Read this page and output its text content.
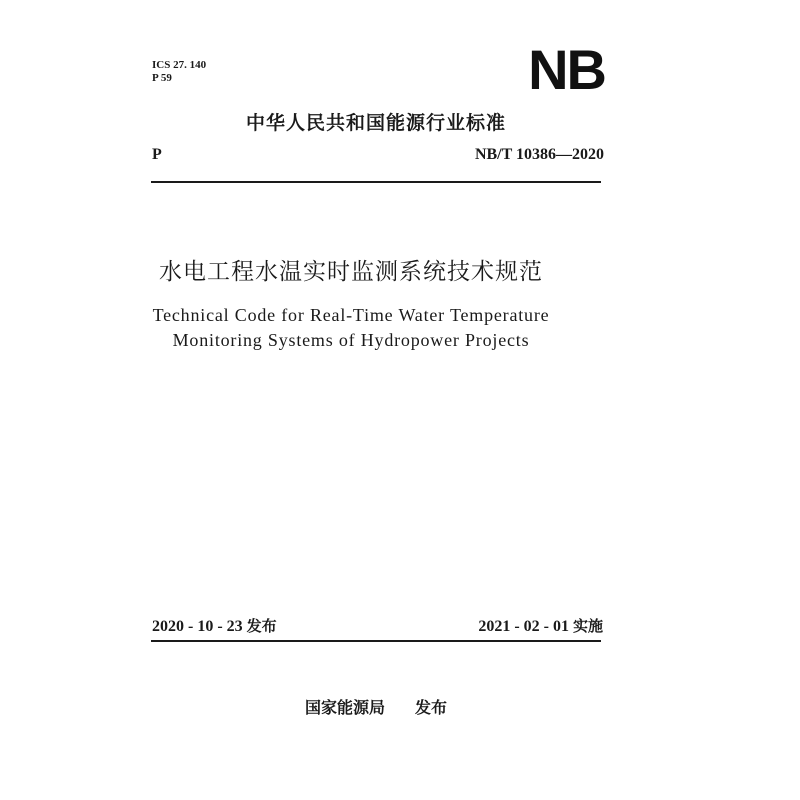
ICS 27. 140
P 59	NB
中华人民共和国能源行业标准
P	NB/T 10386—2020
水电工程水温实时监测系统技术规范
Technical Code for Real-Time Water Temperature
Monitoring Systems of Hydropower Projects
2020 - 10 - 23 发布	2021 - 02 - 01 实施
国家能源局 发布
